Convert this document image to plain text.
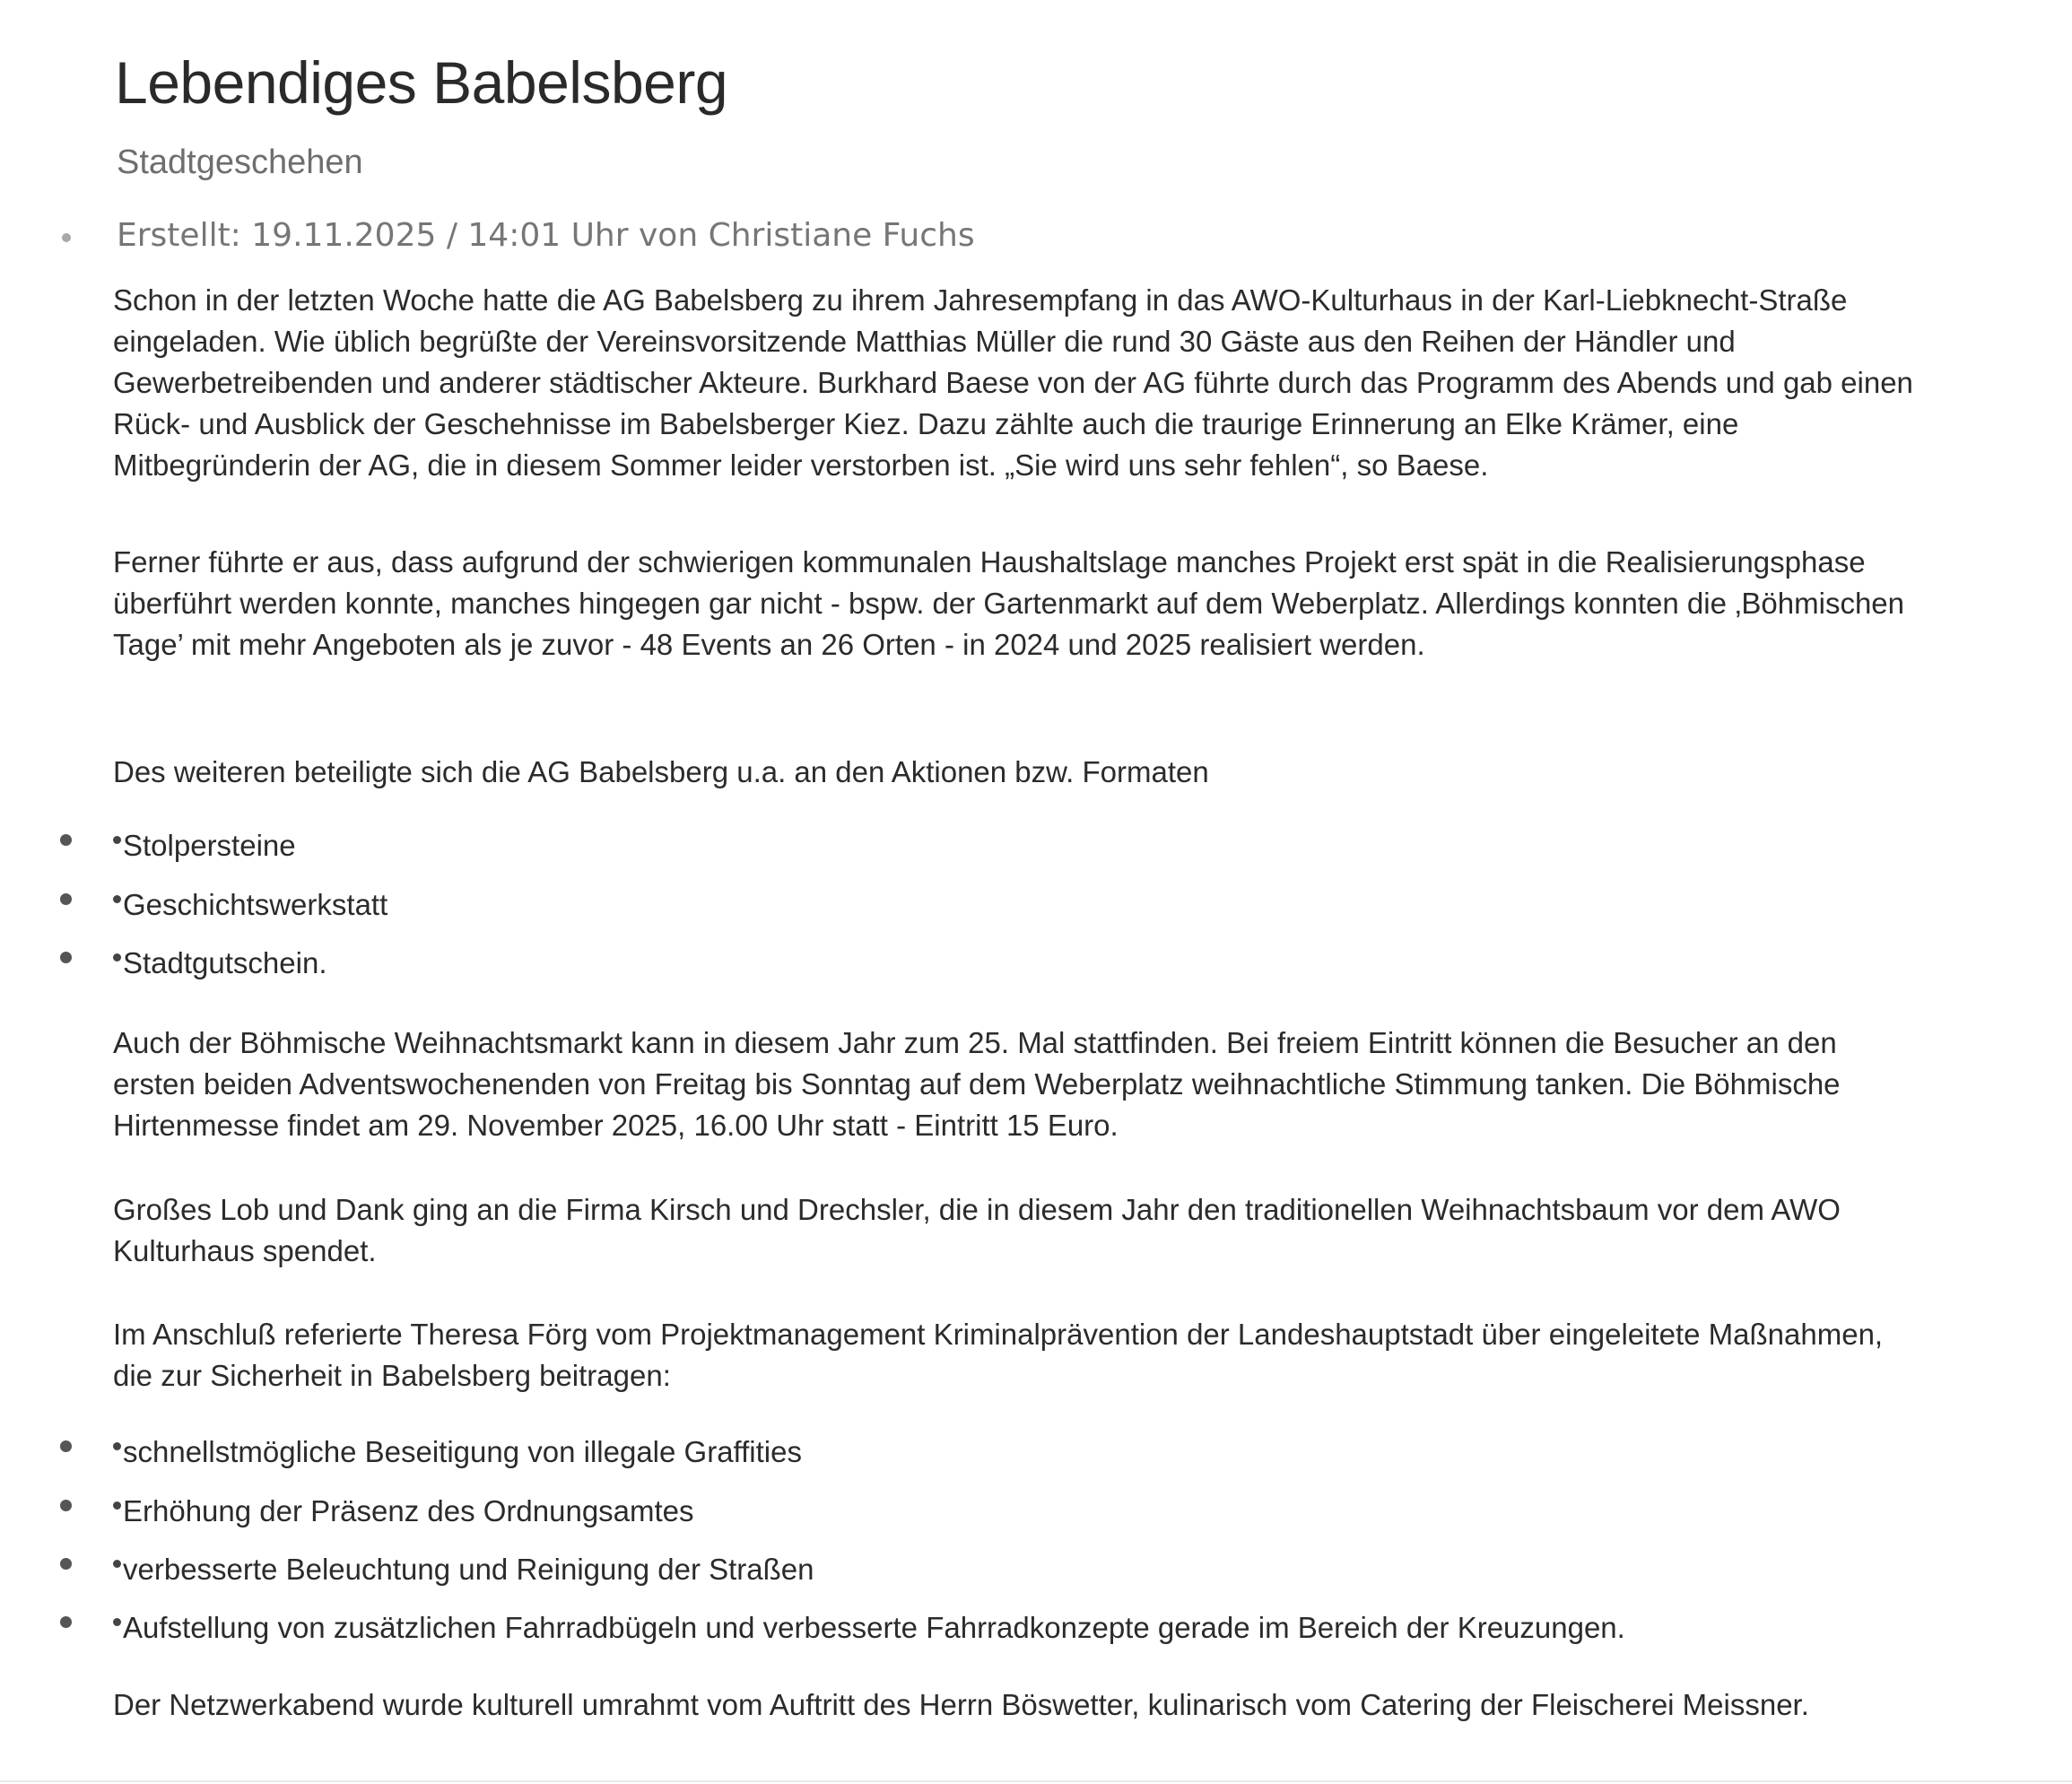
Lebendiges Babelsberg
Stadtgeschehen
Erstellt: 19.11.2025 / 14:01 Uhr von Christiane Fuchs
Schon in der letzten Woche hatte die AG Babelsberg zu ihrem Jahresempfang in das AWO-Kulturhaus in der Karl-Liebknecht-Straße eingeladen. Wie üblich begrüßte der Vereinsvorsitzende Matthias Müller die rund 30 Gäste aus den Reihen der Händler und Gewerbetreibenden und anderer städtischer Akteure. Burkhard Baese von der AG führte durch das Programm des Abends und gab einen Rück- und Ausblick der Geschehnisse im Babelsberger Kiez. Dazu zählte auch die traurige Erinnerung an Elke Krämer, eine Mitbegründerin der AG, die in diesem Sommer leider verstorben ist. „Sie wird uns sehr fehlen“, so Baese.
Ferner führte er aus, dass aufgrund der schwierigen kommunalen Haushaltslage manches Projekt erst spät in die Realisierungsphase überführt werden konnte, manches hingegen gar nicht - bspw. der Gartenmarkt auf dem Weberplatz. Allerdings konnten die ‚Böhmischen Tage’ mit mehr Angeboten als je zuvor - 48 Events an 26 Orten - in 2024 und 2025 realisiert werden.
Des weiteren beteiligte sich die AG Babelsberg u.a. an den Aktionen bzw. Formaten
Stolpersteine
Geschichtswerkstatt
Stadtgutschein.
Auch der Böhmische Weihnachtsmarkt kann in diesem Jahr zum 25. Mal stattfinden. Bei freiem Eintritt können die Besucher an den ersten beiden Adventswochenenden von Freitag bis Sonntag auf dem Weberplatz weihnachtliche Stimmung tanken. Die Böhmische Hirtenmesse findet am 29. November 2025, 16.00 Uhr statt - Eintritt 15 Euro.
Großes Lob und Dank ging an die Firma Kirsch und Drechsler, die in diesem Jahr den traditionellen Weihnachtsbaum vor dem AWO Kulturhaus spendet.
Im Anschluß referierte Theresa Förg vom Projektmanagement Kriminalprävention der Landeshauptstadt über eingeleitete Maßnahmen, die zur Sicherheit in Babelsberg beitragen:
schnellstmögliche Beseitigung von illegale Graffities
Erhöhung der Präsenz des Ordnungsamtes
verbesserte Beleuchtung und Reinigung der Straßen
Aufstellung von zusätzlichen Fahrradbügeln und verbesserte Fahrradkonzepte gerade im Bereich der Kreuzungen.
Der Netzwerkabend wurde kulturell umrahmt vom Auftritt des Herrn Böswetter, kulinarisch vom Catering der Fleischerei Meissner.
